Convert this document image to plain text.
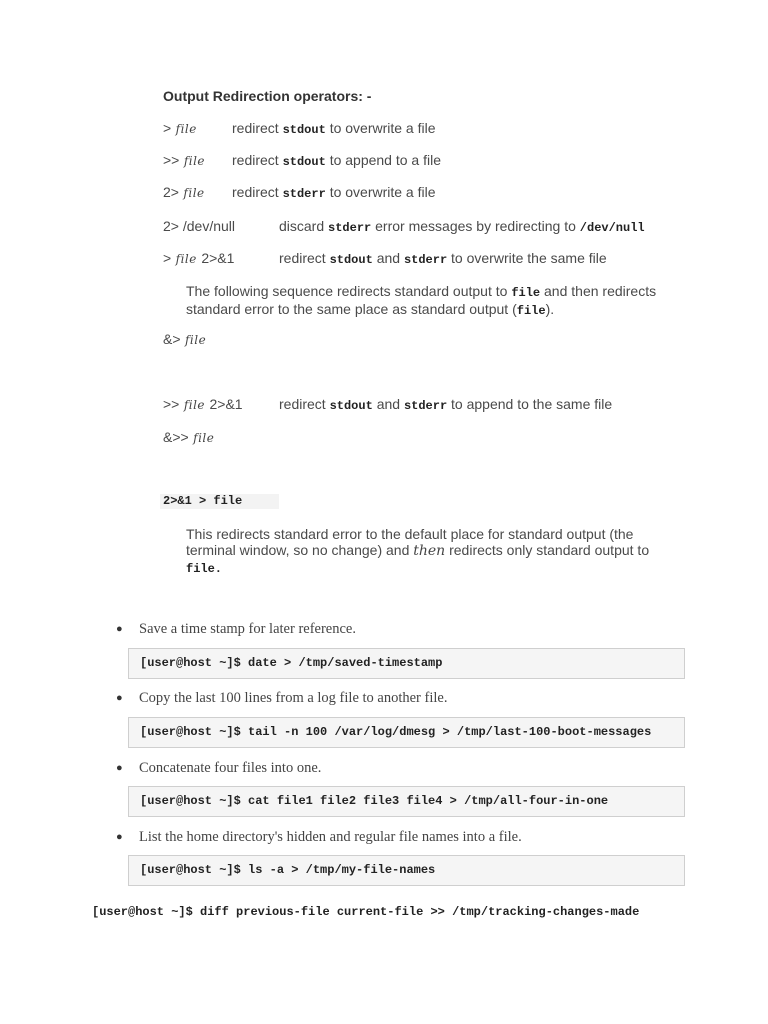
Output Redirection operators: -
> file	redirect stdout to overwrite a file
>> file redirect stdout to append to a file
2> file redirect stderr to overwrite a file
2> /dev/null	discard stderr error messages by redirecting to /dev/null
> file 2>&1	redirect stdout and stderr to overwrite the same file
The following sequence redirects standard output to file and then redirects
standard error to the same place as standard output (file).
&> file
>> file 2>&1	redirect stdout and stderr to append to the same file
&>> file
2>&1 > file
This redirects standard error to the default place for standard output (the
terminal window, so no change) and then redirects only standard output to
file.
● Save a time stamp for later reference.
[user@host ~]$ date > /tmp/saved-timestamp
● Copy the last 100 lines from a log file to another file.
[user@host ~]$ tail -n 100 /var/log/dmesg > /tmp/last-100-boot-messages
● Concatenate four files into one.
[user@host ~]$ cat file1 file2 file3 file4 > /tmp/all-four-in-one
● List the home directory's hidden and regular file names into a file.
[user@host ~]$ ls -a > /tmp/my-file-names
[user@host ~]$ diff previous-file current-file >> /tmp/tracking-changes-made
